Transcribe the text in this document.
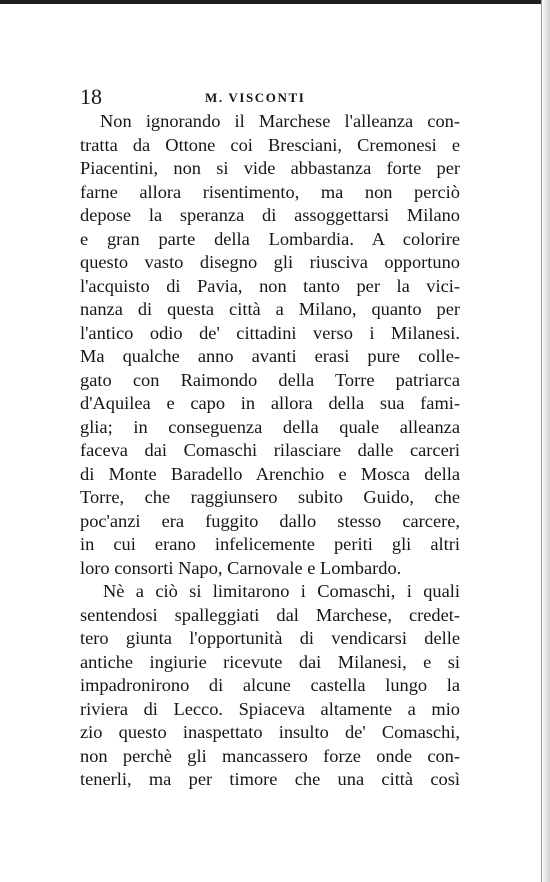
18	M. VISCONTI
Non ignorando il Marchese l'alleanza con-
tratta da Ottone coi Bresciani, Cremonesi e
Piacentini, non si vide abbastanza forte per
farne allora risentimento, ma non perciò
depose la speranza di assoggettarsi Milano
e gran parte della Lombardia. A colorire
questo vasto disegno gli riusciva opportuno
l'acquisto di Pavia, non tanto per la vici-
nanza di questa città a Milano, quanto per
l'antico odio de' cittadini verso i Milanesi.
Ma qualche anno avanti erasi pure colle-
gato con Raimondo della Torre patriarca
d'Aquilea e capo in allora della sua fami-
glia; in conseguenza della quale alleanza
faceva dai Comaschi rilasciare dalle carceri
di Monte Baradello Arenchio e Mosca della
Torre, che raggiunsero subito Guido, che
poc'anzi era fuggito dallo stesso carcere,
in cui erano infelicemente periti gli altri
loro consorti Napo, Carnovale e Lombardo.
Nè a ciò si limitarono i Comaschi, i quali
sentendosi spalleggiati dal Marchese, credet-
tero giunta l'opportunità di vendicarsi delle
antiche ingiurie ricevute dai Milanesi, e si
impadronirono di alcune castella lungo la
riviera di Lecco. Spiaceva altamente a mio
zio questo inaspettato insulto de' Comaschi,
non perchè gli mancassero forze onde con-
tenerli, ma per timore che una città così
